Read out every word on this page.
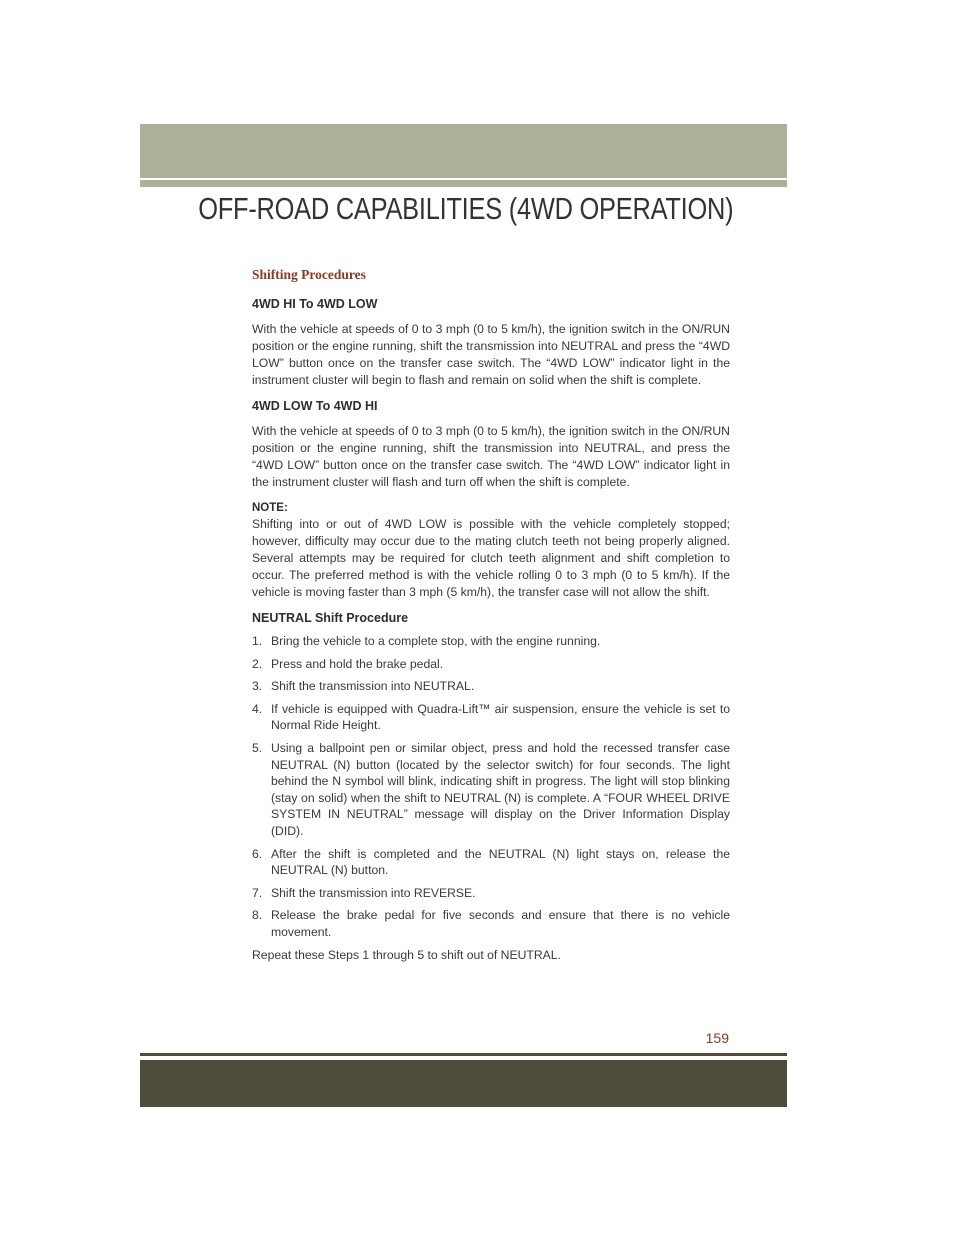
OFF-ROAD CAPABILITIES (4WD OPERATION)
Shifting Procedures
4WD HI To 4WD LOW

With the vehicle at speeds of 0 to 3 mph (0 to 5 km/h), the ignition switch in the ON/RUN position or the engine running, shift the transmission into NEUTRAL and press the “4WD LOW” button once on the transfer case switch. The “4WD LOW” indicator light in the instrument cluster will begin to flash and remain on solid when the shift is complete.

4WD LOW To 4WD HI

With the vehicle at speeds of 0 to 3 mph (0 to 5 km/h), the ignition switch in the ON/RUN position or the engine running, shift the transmission into NEUTRAL, and press the “4WD LOW” button once on the transfer case switch. The “4WD LOW” indicator light in the instrument cluster will flash and turn off when the shift is complete.

NOTE:

Shifting into or out of 4WD LOW is possible with the vehicle completely stopped; however, difficulty may occur due to the mating clutch teeth not being properly aligned. Several attempts may be required for clutch teeth alignment and shift completion to occur. The preferred method is with the vehicle rolling 0 to 3 mph (0 to 5 km/h). If the vehicle is moving faster than 3 mph (5 km/h), the transfer case will not allow the shift.

NEUTRAL Shift Procedure
1. Bring the vehicle to a complete stop, with the engine running.
2. Press and hold the brake pedal.
3. Shift the transmission into NEUTRAL.
4. If vehicle is equipped with Quadra-Lift™ air suspension, ensure the vehicle is set to Normal Ride Height.
5. Using a ballpoint pen or similar object, press and hold the recessed transfer case NEUTRAL (N) button (located by the selector switch) for four seconds. The light behind the N symbol will blink, indicating shift in progress. The light will stop blinking (stay on solid) when the shift to NEUTRAL (N) is complete. A “FOUR WHEEL DRIVE SYSTEM IN NEUTRAL” message will display on the Driver Information Display (DID).
6. After the shift is completed and the NEUTRAL (N) light stays on, release the NEUTRAL (N) button.
7. Shift the transmission into REVERSE.
8. Release the brake pedal for five seconds and ensure that there is no vehicle movement.

Repeat these Steps 1 through 5 to shift out of NEUTRAL.

159
